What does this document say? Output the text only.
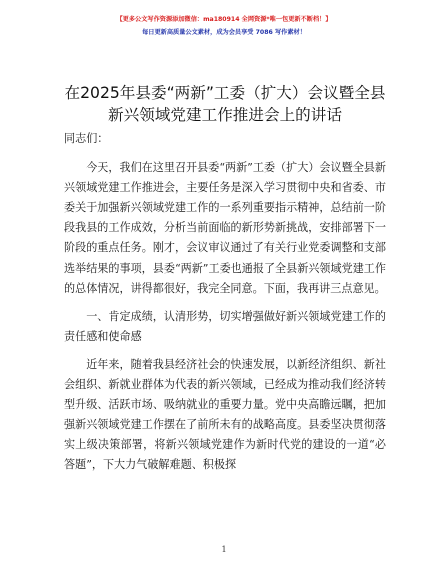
【更多公文写作资源添加微信：ma180914 全网资源*唯一包更新不断档！】
每日更新高质量公文素材，成为会员享受 7086 写作素材！
在2025年县委“两新”工委（扩大）会议暨全县新兴领域党建工作推进会上的讲话

同志们：

今天，我们在这里召开县委“两新”工委（扩大）会议暨全县新兴领域党建工作推进会，主要任务是深入学习贯彻中央和省委、市委关于加强新兴领域党建工作的一系列重要指示精神，总结前一阶段我县的工作成效，分析当前面临的新形势新挑战，安排部署下一阶段的重点任务。刚才，会议审议通过了有关行业党委调整和支部选举结果的事项，县委“两新”工委也通报了全县新兴领域党建工作的总体情况，讲得都很好，我完全同意。下面，我再讲三点意见。

一、肯定成绩，认清形势，切实增强做好新兴领域党建工作的责任感和使命感

近年来，随着我县经济社会的快速发展，以新经济组织、新社会组织、新就业群体为代表的新兴领域，已经成为推动我们经济转型升级、活跃市场、吸纳就业的重要力量。党中央高瞻远瞩，把加强新兴领域党建工作摆在了前所未有的战略高度。县委坚决贯彻落实上级决策部署，将新兴领域党建作为新时代党的建设的一道“必答题”，下大力气破解难题、积极探

1
